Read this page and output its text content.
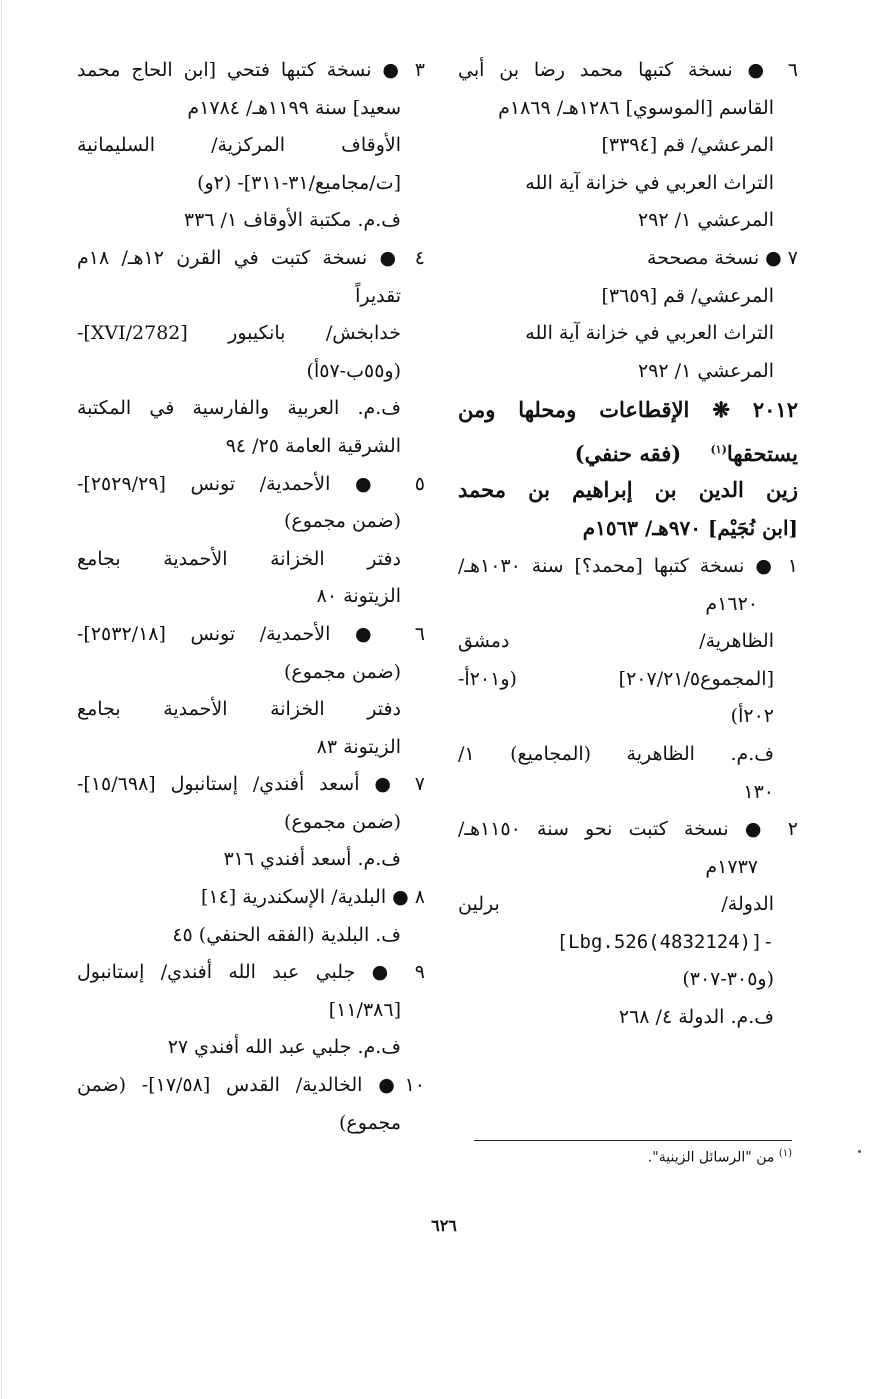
٦ ● نسخة كتبها محمد رضا بن أبي
القاسم [الموسوي] ١٢٨٦هـ/ ١٨٦٩م
المرعشي/ قم [٣٣٩٤]
التراث العربي في خزانة آية الله
المرعشي ١/ ٢٩٢
٧ ● نسخة مصححة
المرعشي/ قم [٣٦٥٩]
التراث العربي في خزانة آية الله
المرعشي ١/ ٢٩٢
٢٠١٢ ❋ الإقطاعات ومحلها ومن
يستحقها$^{(١)}$    (فقه حنفي)
زين الدين بن إبراهيم بن محمد
[ابن نُجَيْم] ٩٧٠هـ/ ١٥٦٣م
١ ● نسخة كتبها [محمد؟] سنة ١٠٣٠هـ/
١٦٢٠م
الظاهرية/ دمشق
[المجموع٢٠٧/٢١/٥] (و٢٠١أ-
٢٠٢أ)
ف.م. الظاهرية (المجاميع) ١/
١٣٠
٢ ● نسخة كتبت نحو سنة ١١٥٠هـ/
١٧٣٧م
الدولة/ برلين
[Lbg.526(4832124)]-
(و٣٠٥-٣٠٧)
ف.م. الدولة ٤/ ٢٦٨
٣ ● نسخة كتبها فتحي [ابن الحاج محمد
سعيد] سنة ١١٩٩هـ/ ١٧٨٤م
الأوقاف المركزية/ السليمانية
[ت/مجاميع/٣١-٣١١]- (٢و)
ف.م. مكتبة الأوقاف ١/ ٣٣٦
٤ ● نسخة كتبت في القرن ١٢هـ/ ١٨م
تقديراً
خدابخش/ بانكيبور [2782/XVI]-
(و٥٥ب-٥٧أ)
ف.م. العربية والفارسية في المكتبة
الشرقية العامة ٢٥/ ٩٤
٥ ● الأحمدية/ تونس [٢٥٢٩/٢٩]-
(ضمن مجموع)
دفتر الخزانة الأحمدية بجامع
الزيتونة ٨٠
٦ ● الأحمدية/ تونس [٢٥٣٢/١٨]-
(ضمن مجموع)
دفتر الخزانة الأحمدية بجامع
الزيتونة ٨٣
٧ ● أسعد أفندي/ إستانبول [١٥/٦٩٨]-
(ضمن مجموع)
ف.م. أسعد أفندي ٣١٦
٨ ● البلدية/ الإسكندرية [١٤]
ف. البلدية (الفقه الحنفي) ٤٥
٩ ● جلبي عبد الله أفندي/ إستانبول
[١١/٣٨٦]
ف.م. جلبي عبد الله أفندي ٢٧
١٠● الخالدية/ القدس [١٧/٥٨]- (ضمن
مجموع)
$^{(١)}$ من "الرسائل الزينية".
٦٢٦
